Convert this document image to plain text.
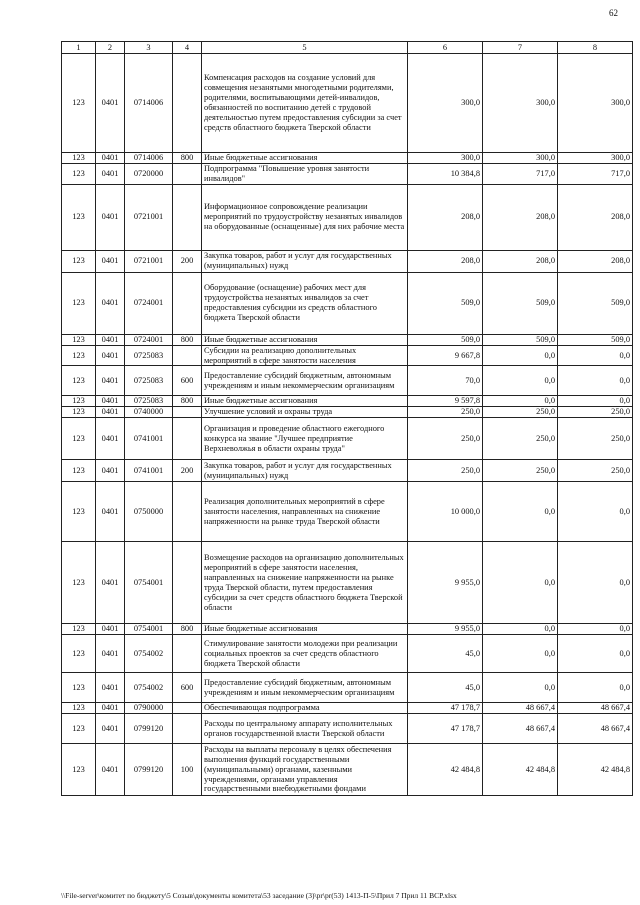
62
1	2	3	4	5	6	7	8
123	0401	0714006		Компенсация расходов на создание условий для совмещения незанятыми многодетными родителями, родителями, воспитывающими детей-инвалидов, обязанностей по воспитанию детей с трудовой деятельностью путем предоставления субсидии за счет средств областного бюджета Тверской области	300,0	300,0	300,0
123	0401	0714006	800	Иные бюджетные ассигнования	300,0	300,0	300,0
123	0401	0720000		Подпрограмма "Повышение уровня занятости инвалидов"	10 384,8	717,0	717,0
123	0401	0721001		Информационное сопровождение реализации мероприятий по трудоустройству незанятых инвалидов на оборудованные (оснащенные) для них рабочие места	208,0	208,0	208,0
123	0401	0721001	200	Закупка товаров, работ и услуг для государственных (муниципальных) нужд	208,0	208,0	208,0
123	0401	0724001		Оборудование (оснащение) рабочих мест для трудоустройства незанятых инвалидов за счет предоставления субсидии из средств областного бюджета Тверской области	509,0	509,0	509,0
123	0401	0724001	800	Иные бюджетные ассигнования	509,0	509,0	509,0
123	0401	0725083		Субсидии на реализацию дополнительных мероприятий в сфере занятости населения	9 667,8	0,0	0,0
123	0401	0725083	600	Предоставление субсидий бюджетным, автономным учреждениям и иным некоммерческим организациям	70,0	0,0	0,0
123	0401	0725083	800	Иные бюджетные ассигнования	9 597,8	0,0	0,0
123	0401	0740000		Улучшение условий и охраны труда	250,0	250,0	250,0
123	0401	0741001		Организация и проведение областного ежегодного конкурса на звание "Лучшее предприятие Верхневолжья в области охраны труда"	250,0	250,0	250,0
123	0401	0741001	200	Закупка товаров, работ и услуг для государственных (муниципальных) нужд	250,0	250,0	250,0
123	0401	0750000		Реализация дополнительных мероприятий в сфере занятости населения, направленных на снижение напряженности на рынке труда Тверской области	10 000,0	0,0	0,0
123	0401	0754001		Возмещение расходов на организацию дополнительных мероприятий в сфере занятости населения, направленных на снижение напряженности на рынке труда Тверской области, путем предоставления субсидии за счет средств областного бюджета Тверской области	9 955,0	0,0	0,0
123	0401	0754001	800	Иные бюджетные ассигнования	9 955,0	0,0	0,0
123	0401	0754002		Стимулирование занятости молодежи при реализации социальных проектов за счет средств областного бюджета Тверской области	45,0	0,0	0,0
123	0401	0754002	600	Предоставление субсидий бюджетным, автономным учреждениям и иным некоммерческим организациям	45,0	0,0	0,0
123	0401	0790000		Обеспечивающая подпрограмма	47 178,7	48 667,4	48 667,4
123	0401	0799120		Расходы по центральному аппарату исполнительных органов государственной власти Тверской области	47 178,7	48 667,4	48 667,4
123	0401	0799120	100	Расходы на выплаты персоналу в целях обеспечения выполнения функций государственными (муниципальными) органами, казенными учреждениями, органами управления государственными внебюджетными фондами	42 484,8	42 484,8	42 484,8
\\File-server\комитет по бюджету\5 Созыв\документы комитета\53 заседание (3)\pr\pr(53) 1413-П-5\Прил 7 Прил 11 ВСР.xlsx
